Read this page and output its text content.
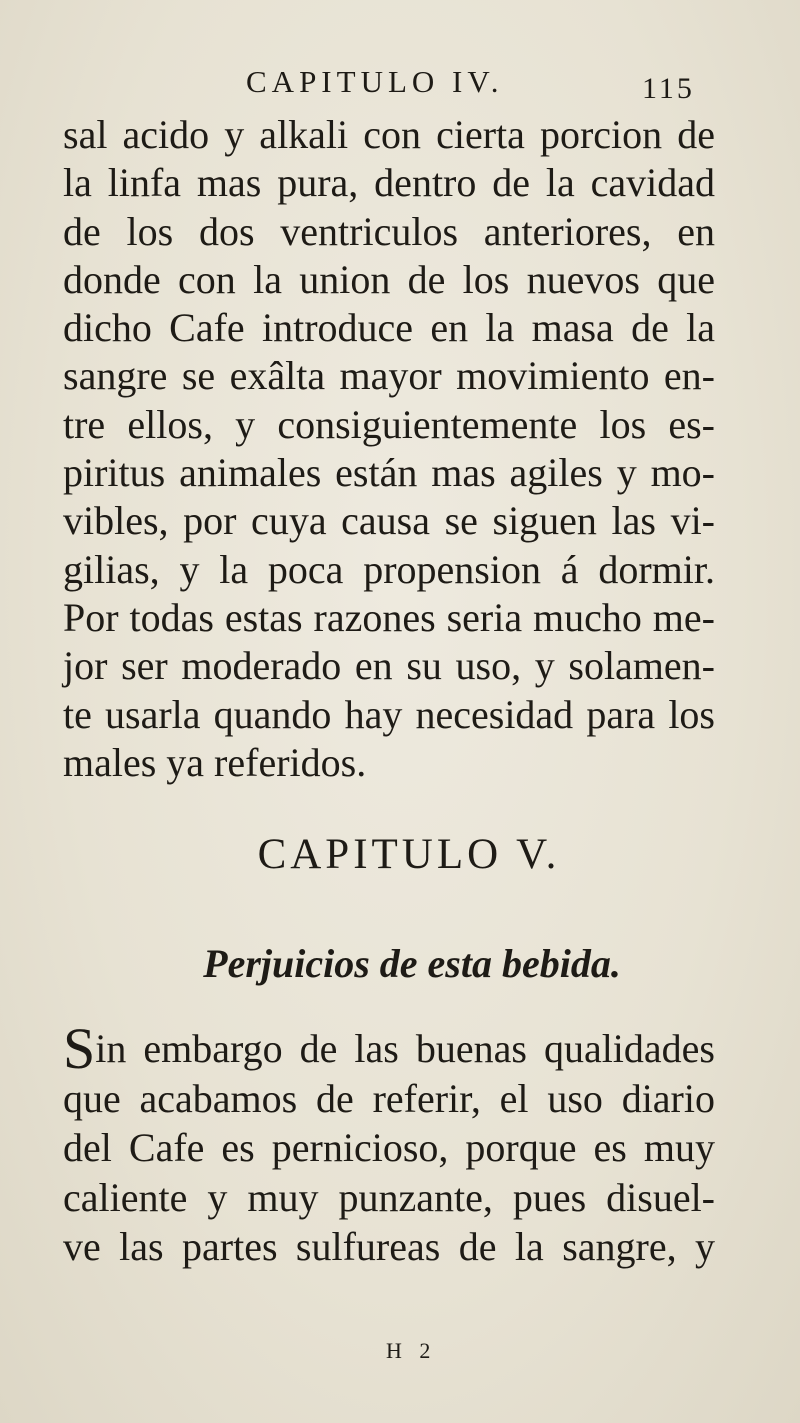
CAPITULO IV.	115
sal acido y alkali con cierta porcion de
la linfa mas pura, dentro de la cavidad
de los dos ventriculos anteriores, en
donde con la union de los nuevos que
dicho Cafe introduce en la masa de la
sangre se exâlta mayor movimiento en-
tre ellos, y consiguientemente los es-
piritus animales están mas agiles y mo-
vibles, por cuya causa se siguen las vi-
gilias, y la poca propension á dormir.
Por todas estas razones seria mucho me-
jor ser moderado en su uso, y solamen-
te usarla quando hay necesidad para los
males ya referidos.
CAPITULO V.
Perjuicios de esta bebida.
Sin embargo de las buenas qualidades
que acabamos de referir, el uso diario
del Cafe es pernicioso, porque es muy
caliente y muy punzante, pues disuel-
ve las partes sulfureas de la sangre, y
H 2
